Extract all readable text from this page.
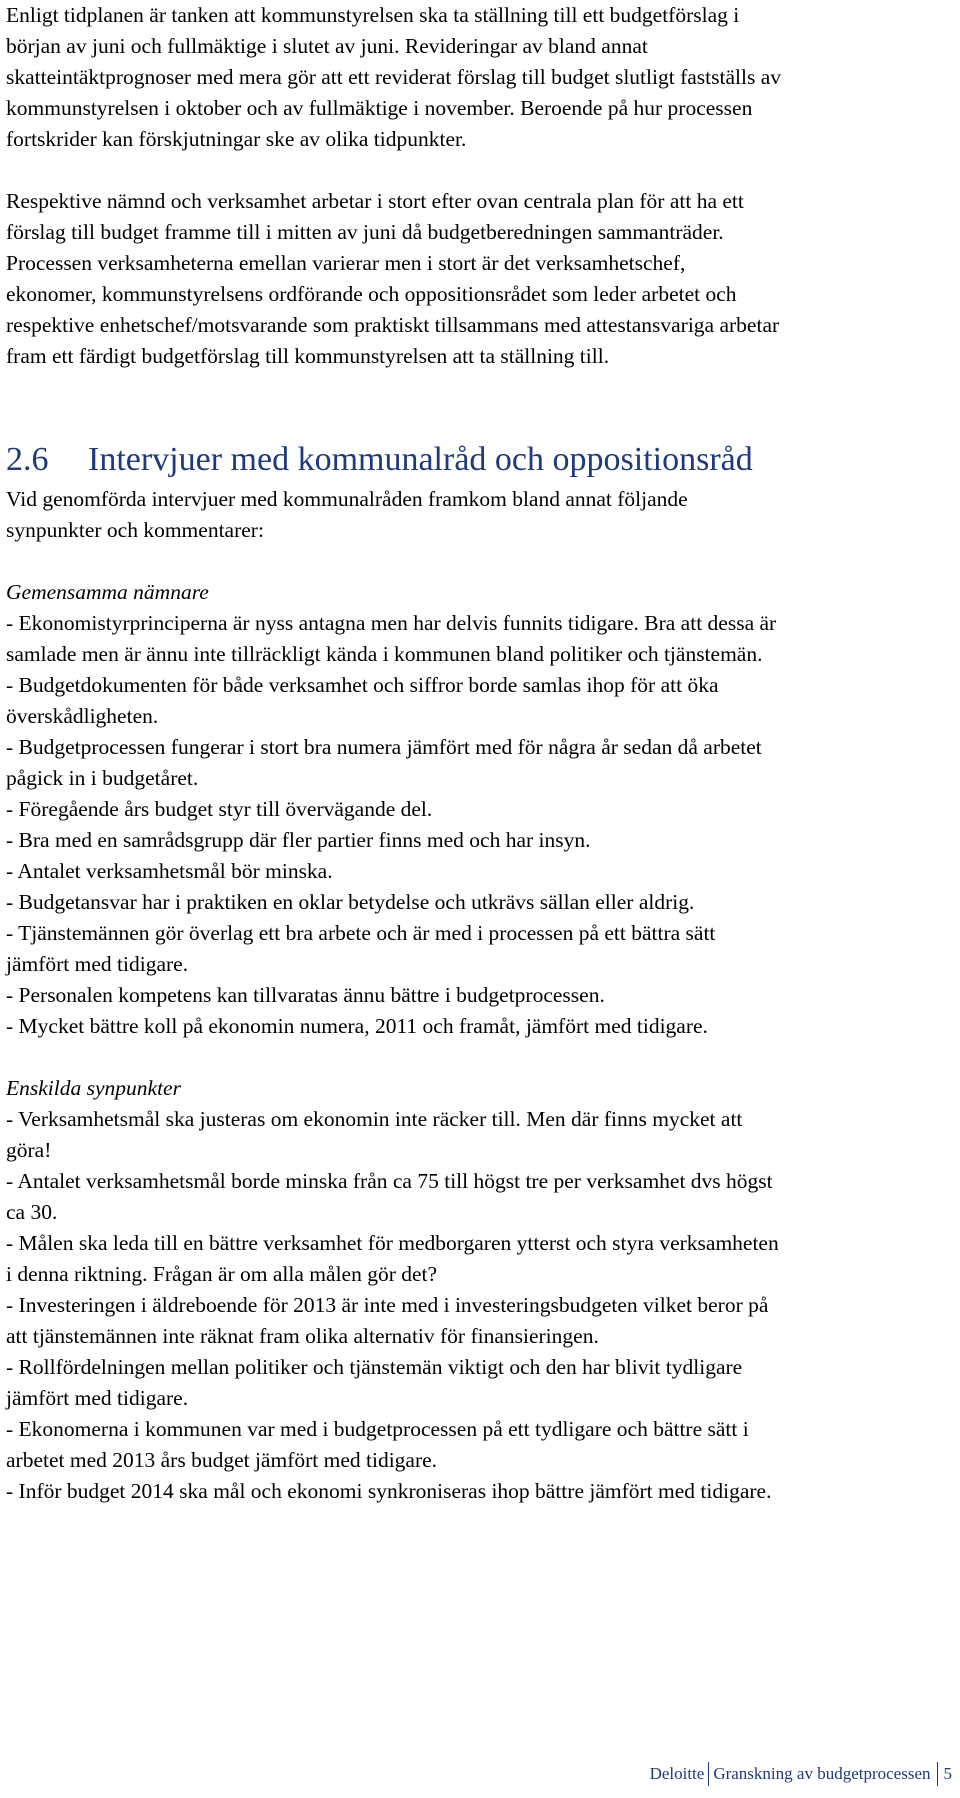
Enligt tidplanen är tanken att kommunstyrelsen ska ta ställning till ett budgetförslag i

början av juni och fullmäktige i slutet av juni. Revideringar av bland annat

skatteintäktprognoser med mera gör att ett reviderat förslag till budget slutligt fastställs av

kommunstyrelsen i oktober och av fullmäktige i november. Beroende på hur processen

fortskrider kan förskjutningar ske av olika tidpunkter.

Respektive nämnd och verksamhet arbetar i stort efter ovan centrala plan för att ha ett

förslag till budget framme till i mitten av juni då budgetberedningen sammanträder.

Processen verksamheterna emellan varierar men i stort är det verksamhetschef,

ekonomer, kommunstyrelsens ordförande och oppositionsrådet som leder arbetet och

respektive enhetschef/motsvarande som praktiskt tillsammans med attestansvariga arbetar

fram ett färdigt budgetförslag till kommunstyrelsen att ta ställning till.

2.6 Intervjuer med kommunalråd och oppositionsråd

Vid genomförda intervjuer med kommunalråden framkom bland annat följande

synpunkter och kommentarer:

Gemensamma nämnare

- Ekonomistyrprinciperna är nyss antagna men har delvis funnits tidigare. Bra att dessa är

samlade men är ännu inte tillräckligt kända i kommunen bland politiker och tjänstemän.

- Budgetdokumenten för både verksamhet och siffror borde samlas ihop för att öka

överskådligheten.

- Budgetprocessen fungerar i stort bra numera jämfört med för några år sedan då arbetet

pågick in i budgetåret.

- Föregående års budget styr till övervägande del.

- Bra med en samrådsgrupp där fler partier finns med och har insyn.

- Antalet verksamhetsmål bör minska.

- Budgetansvar har i praktiken en oklar betydelse och utkrävs sällan eller aldrig.

- Tjänstemännen gör överlag ett bra arbete och är med i processen på ett bättra sätt

jämfört med tidigare.

- Personalen kompetens kan tillvaratas ännu bättre i budgetprocessen.

- Mycket bättre koll på ekonomin numera, 2011 och framåt, jämfört med tidigare.

Enskilda synpunkter

- Verksamhetsmål ska justeras om ekonomin inte räcker till. Men där finns mycket att

göra!

- Antalet verksamhetsmål borde minska från ca 75 till högst tre per verksamhet dvs högst

ca 30.

- Målen ska leda till en bättre verksamhet för medborgaren ytterst och styra verksamheten

i denna riktning. Frågan är om alla målen gör det?

- Investeringen i äldreboende för 2013 är inte med i investeringsbudgeten vilket beror på

att tjänstemännen inte räknat fram olika alternativ för finansieringen.

- Rollfördelningen mellan politiker och tjänstemän viktigt och den har blivit tydligare

jämfört med tidigare.

- Ekonomerna i kommunen var med i budgetprocessen på ett tydligare och bättre sätt i

arbetet med 2013 års budget jämfört med tidigare.

- Inför budget 2014 ska mål och ekonomi synkroniseras ihop bättre jämfört med tidigare.

Deloitte Granskning av budgetprocessen 5
